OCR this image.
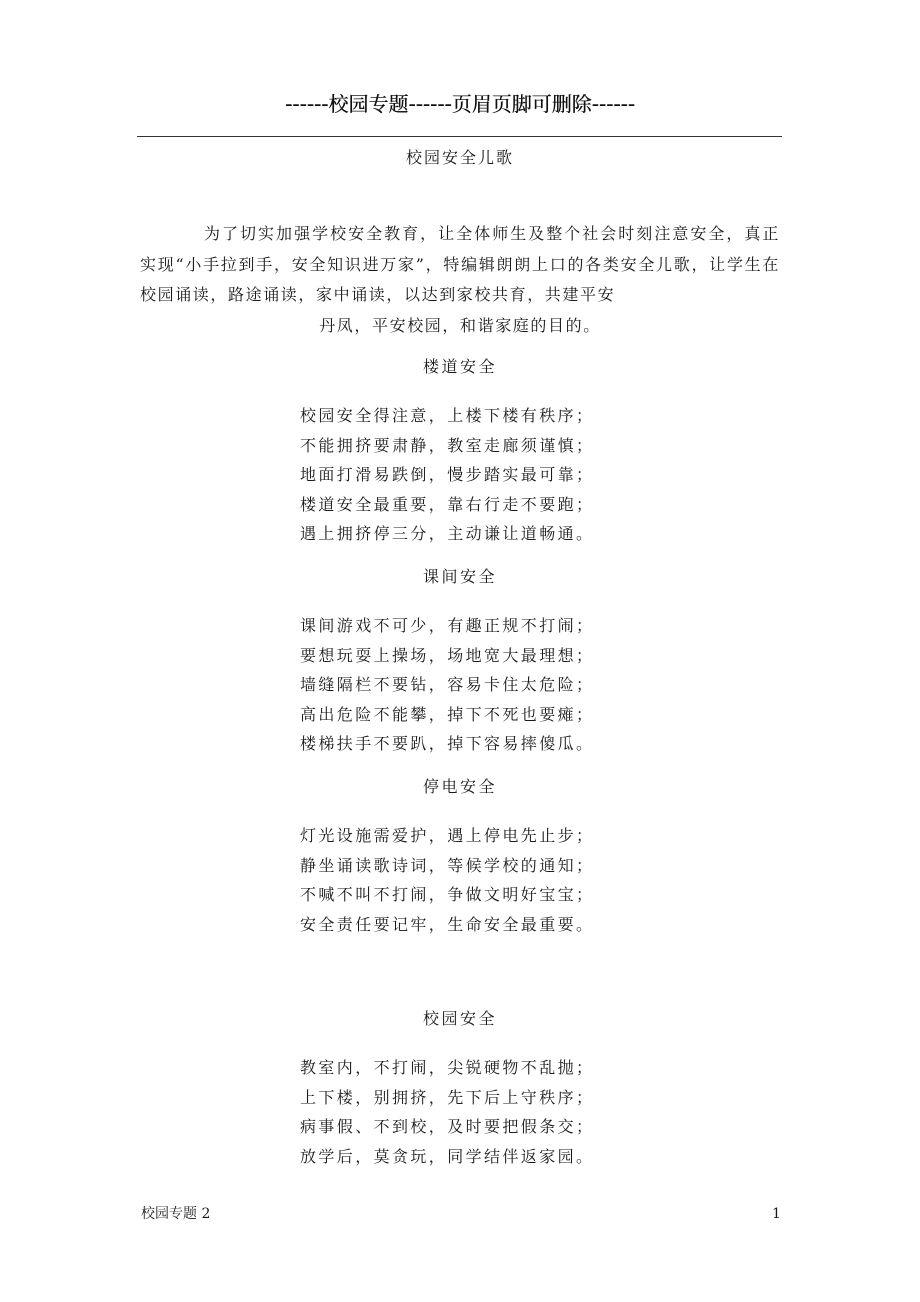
------校园专题------页眉页脚可删除------
校园安全儿歌

为了切实加强学校安全教育，让全体师生及整个社会时刻注意安全，真正实现“小手拉到手，安全知识进万家”，特编辑朗朗上口的各类安全儿歌，让学生在校园诵读，路途诵读，家中诵读，以达到家校共育，共建平安
丹凤，平安校园，和谐家庭的目的。

楼道安全

校园安全得注意，上楼下楼有秩序；

不能拥挤要肃静，教室走廊须谨慎；

地面打滑易跌倒，慢步踏实最可靠；

楼道安全最重要，靠右行走不要跑；

遇上拥挤停三分，主动谦让道畅通。

课间安全

课间游戏不可少，有趣正规不打闹；

要想玩耍上操场，场地宽大最理想；

墙缝隔栏不要钻，容易卡住太危险；

高出危险不能攀，掉下不死也要瘫；

楼梯扶手不要趴，掉下容易摔傻瓜。

停电安全

灯光设施需爱护，遇上停电先止步；

静坐诵读歌诗词，等候学校的通知；

不喊不叫不打闹，争做文明好宝宝；

安全责任要记牢，生命安全最重要。

校园安全

教室内，不打闹，尖锐硬物不乱抛；

上下楼，别拥挤，先下后上守秩序；

病事假、不到校，及时要把假条交；

放学后，莫贪玩，同学结伴返家园。

校园专题 2	1
